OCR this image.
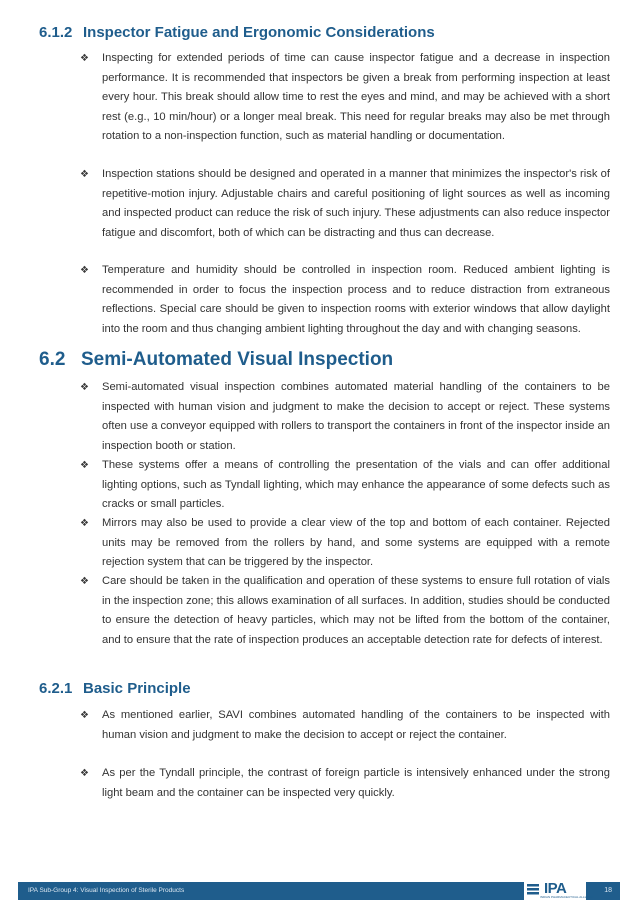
6.1.2 Inspector Fatigue and Ergonomic Considerations
❖	Inspecting for extended periods of time can cause inspector fatigue and a decrease in inspection performance. It is recommended that inspectors be given a break from performing inspection at least every hour. This break should allow time to rest the eyes and mind, and may be achieved with a short rest (e.g., 10 min/hour) or a longer meal break. This need for regular breaks may also be met through rotation to a non-inspection function, such as material handling or documentation.
❖	Inspection stations should be designed and operated in a manner that minimizes the inspector's risk of repetitive-motion injury. Adjustable chairs and careful positioning of light sources as well as incoming and inspected product can reduce the risk of such injury. These adjustments can also reduce inspector fatigue and discomfort, both of which can be distracting and thus can decrease.
❖	Temperature and humidity should be controlled in inspection room. Reduced ambient lighting is recommended in order to focus the inspection process and to reduce distraction from extraneous reflections. Special care should be given to inspection rooms with exterior windows that allow daylight into the room and thus changing ambient lighting throughout the day and with changing seasons.
6.2 Semi-Automated Visual Inspection
❖	Semi-automated visual inspection combines automated material handling of the containers to be inspected with human vision and judgment to make the decision to accept or reject. These systems often use a conveyor equipped with rollers to transport the containers in front of the inspector inside an inspection booth or station.
❖	These systems offer a means of controlling the presentation of the vials and can offer additional lighting options, such as Tyndall lighting, which may enhance the appearance of some defects such as cracks or small particles.
❖	Mirrors may also be used to provide a clear view of the top and bottom of each container. Rejected units may be removed from the rollers by hand, and some systems are equipped with a remote rejection system that can be triggered by the inspector.
❖	Care should be taken in the qualification and operation of these systems to ensure full rotation of vials in the inspection zone; this allows examination of all surfaces. In addition, studies should be conducted to ensure the detection of heavy particles, which may not be lifted from the bottom of the container, and to ensure that the rate of inspection produces an acceptable detection rate for defects of interest.
6.2.1 Basic Principle
❖	As mentioned earlier, SAVI combines automated handling of the containers to be inspected with human vision and judgment to make the decision to accept or reject the container.
❖	As per the Tyndall principle, the contrast of foreign particle is intensively enhanced under the strong light beam and the container can be inspected very quickly.
IPA Sub-Group 4: Visual Inspection of Sterile Products	IPA
INDIAN PHARMACEUTICAL ALLIANCE
18
